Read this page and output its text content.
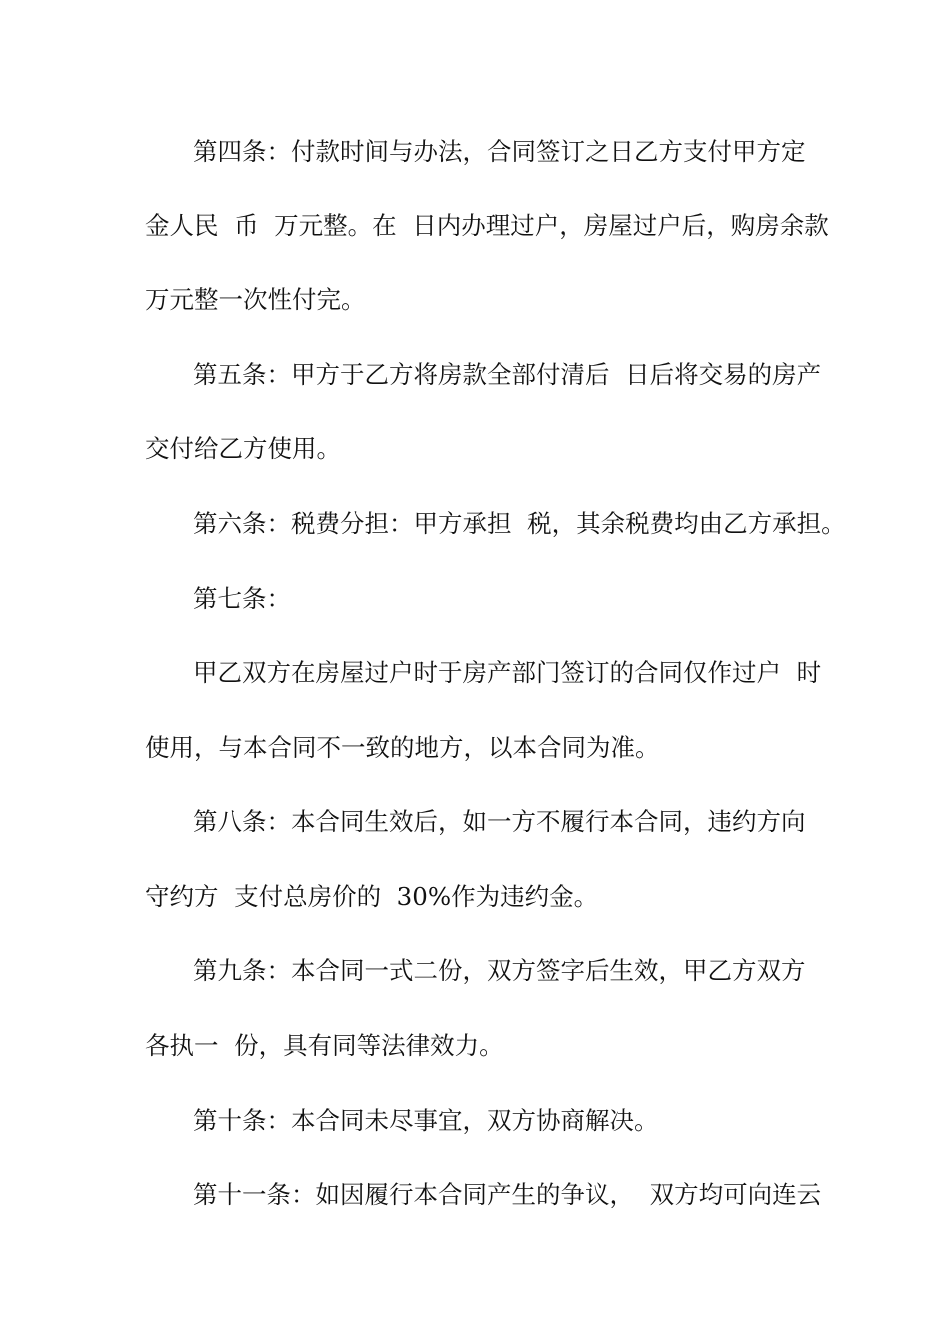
第四条：付款时间与办法，合同签订之日乙方支付甲方定
金人民  币  万元整。在  日内办理过户，房屋过户后，购房余款
万元整一次性付完。
第五条：甲方于乙方将房款全部付清后  日后将交易的房产
交付给乙方使用。
第六条：税费分担：甲方承担  税，其余税费均由乙方承担。
第七条：
甲乙双方在房屋过户时于房产部门签订的合同仅作过户  时
使用，与本合同不一致的地方，以本合同为准。
第八条：本合同生效后，如一方不履行本合同，违约方向
守约方  支付总房价的  30%作为违约金。
第九条：本合同一式二份，双方签字后生效，甲乙方双方
各执一  份，具有同等法律效力。
第十条：本合同未尽事宜，双方协商解决。
第十一条：如因履行本合同产生的争议，  双方均可向连云
